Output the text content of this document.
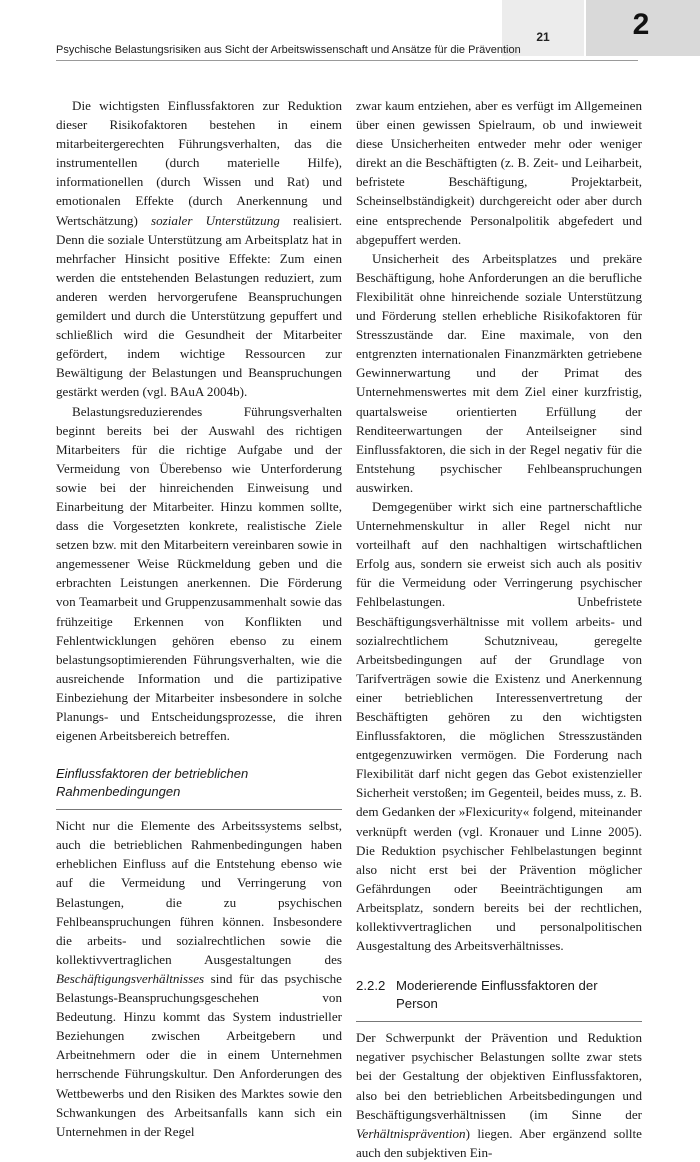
21	2
Psychische Belastungsrisiken aus Sicht der Arbeitswissenschaft und Ansätze für die Prävention

Die wichtigsten Einflussfaktoren zur Reduktion dieser Risikofaktoren bestehen in einem mitarbeitergerechten Führungsverhalten, das die instrumentellen (durch materielle Hilfe), informationellen (durch Wissen und Rat) und emotionalen Effekte (durch Anerkennung und Wertschätzung) sozialer Unterstützung realisiert. Denn die soziale Unterstützung am Arbeitsplatz hat in mehrfacher Hinsicht positive Effekte: Zum einen werden die entstehenden Belastungen reduziert, zum anderen werden hervorgerufene Beanspruchungen gemildert und durch die Unterstützung gepuffert und schließlich wird die Gesundheit der Mitarbeiter gefördert, indem wichtige Ressourcen zur Bewältigung der Belastungen und Beanspruchungen gestärkt werden (vgl. BAuA 2004b).

Belastungsreduzierendes Führungsverhalten beginnt bereits bei der Auswahl des richtigen Mitarbeiters für die richtige Aufgabe und der Vermeidung von Überebenso wie Unterforderung sowie bei der hinreichenden Einweisung und Einarbeitung der Mitarbeiter. Hinzu kommen sollte, dass die Vorgesetzten konkrete, realistische Ziele setzen bzw. mit den Mitarbeitern vereinbaren sowie in angemessener Weise Rückmeldung geben und die erbrachten Leistungen anerkennen. Die Förderung von Teamarbeit und Gruppenzusammenhalt sowie das frühzeitige Erkennen von Konflikten und Fehlentwicklungen gehören ebenso zu einem belastungsoptimierenden Führungsverhalten, wie die ausreichende Information und die partizipative Einbeziehung der Mitarbeiter insbesondere in solche Planungs- und Entscheidungsprozesse, die ihren eigenen Arbeitsbereich betreffen.

Einflussfaktoren der betrieblichen Rahmenbedingungen

Nicht nur die Elemente des Arbeitssystems selbst, auch die betrieblichen Rahmenbedingungen haben erheblichen Einfluss auf die Entstehung ebenso wie auf die Vermeidung und Verringerung von Belastungen, die zu psychischen Fehlbeanspruchungen führen können. Insbesondere die arbeits- und sozialrechtlichen sowie die kollektivvertraglichen Ausgestaltungen des Beschäftigungsverhältnisses sind für das psychische Belastungs-Beanspruchungsgeschehen von Bedeutung. Hinzu kommt das System industrieller Beziehungen zwischen Arbeitgebern und Arbeitnehmern oder die in einem Unternehmen herrschende Führungskultur. Den Anforderungen des Wettbewerbs und den Risiken des Marktes sowie den Schwankungen des Arbeitsanfalls kann sich ein Unternehmen in der Regel

zwar kaum entziehen, aber es verfügt im Allgemeinen über einen gewissen Spielraum, ob und inwieweit diese Unsicherheiten entweder mehr oder weniger direkt an die Beschäftigten (z. B. Zeit- und Leiharbeit, befristete Beschäftigung, Projektarbeit, Scheinselbständigkeit) durchgereicht oder aber durch eine entsprechende Personalpolitik abgefedert und abgepuffert werden.

Unsicherheit des Arbeitsplatzes und prekäre Beschäftigung, hohe Anforderungen an die berufliche Flexibilität ohne hinreichende soziale Unterstützung und Förderung stellen erhebliche Risikofaktoren für Stresszustände dar. Eine maximale, von den entgrenzten internationalen Finanzmärkten getriebene Gewinnerwartung und der Primat des Unternehmenswertes mit dem Ziel einer kurzfristig, quartalsweise orientierten Erfüllung der Renditeerwartungen der Anteilseigner sind Einflussfaktoren, die sich in der Regel negativ für die Entstehung psychischer Fehlbeanspruchungen auswirken.

Demgegenüber wirkt sich eine partnerschaftliche Unternehmenskultur in aller Regel nicht nur vorteilhaft auf den nachhaltigen wirtschaftlichen Erfolg aus, sondern sie erweist sich auch als positiv für die Vermeidung oder Verringerung psychischer Fehlbelastungen. Unbefristete Beschäftigungsverhältnisse mit vollem arbeits- und sozialrechtlichem Schutzniveau, geregelte Arbeitsbedingungen auf der Grundlage von Tarifverträgen sowie die Existenz und Anerkennung einer betrieblichen Interessenvertretung der Beschäftigten gehören zu den wichtigsten Einflussfaktoren, die möglichen Stresszuständen entgegenzuwirken vermögen. Die Forderung nach Flexibilität darf nicht gegen das Gebot existenzieller Sicherheit verstoßen; im Gegenteil, beides muss, z. B. dem Gedanken der »Flexicurity« folgend, miteinander verknüpft werden (vgl. Kronauer und Linne 2005). Die Reduktion psychischer Fehlbelastungen beginnt also nicht erst bei der Prävention möglicher Gefährdungen oder Beeinträchtigungen am Arbeitsplatz, sondern bereits bei der rechtlichen, kollektivvertraglichen und personalpolitischen Ausgestaltung des Arbeitsverhältnisses.

2.2.2 Moderierende Einflussfaktoren der Person

Der Schwerpunkt der Prävention und Reduktion negativer psychischer Belastungen sollte zwar stets bei der Gestaltung der objektiven Einflussfaktoren, also bei den betrieblichen Arbeitsbedingungen und Beschäftigungsverhältnissen (im Sinne der Verhältnisprävention) liegen. Aber ergänzend sollte auch den subjektiven Ein-
